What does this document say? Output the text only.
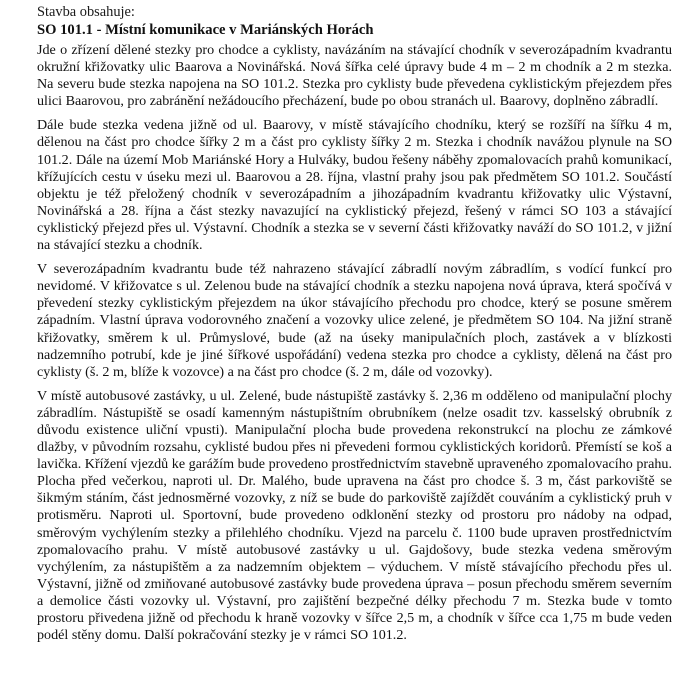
Stavba obsahuje:

SO 101.1 - Místní komunikace v Mariánských Horách

Jde o zřízení dělené stezky pro chodce a cyklisty, navázáním na stávající chodník v severozápadním kvadrantu okružní křižovatky ulic Baarova a Novinářská. Nová šířka celé úpravy bude 4 m – 2 m chodník a 2 m stezka. Na severu bude stezka napojena na SO 101.2. Stezka pro cyklisty bude převedena cyklistickým přejezdem přes ulici Baarovou, pro zabránění nežádoucího přecházení, bude po obou stranách ul. Baarovy, doplněno zábradlí.

Dále bude stezka vedena jižně od ul. Baarovy, v místě stávajícího chodníku, který se rozšíří na šířku 4 m, dělenou na část pro chodce šířky 2 m a část pro cyklisty šířky 2 m. Stezka i chodník navážou plynule na SO 101.2. Dále na území Mob Mariánské Hory a Hulváky, budou řešeny náběhy zpomalovacích prahů komunikací, křížujících cestu v úseku mezi ul. Baarovou a 28. října, vlastní prahy jsou pak předmětem SO 101.2. Součástí objektu je též přeložený chodník v severozápadním a jihozápadním kvadrantu křižovatky ulic Výstavní, Novinářská a 28. října a část stezky navazující na cyklistický přejezd, řešený v rámci SO 103 a stávající cyklistický přejezd přes ul. Výstavní. Chodník a stezka se v severní části křižovatky naváží do SO 101.2, v jižní na stávající stezku a chodník.

V severozápadním kvadrantu bude též nahrazeno stávající zábradlí novým zábradlím, s vodící funkcí pro nevidomé. V křižovatce s ul. Zelenou bude na stávající chodník a stezku napojena nová úprava, která spočívá v převedení stezky cyklistickým přejezdem na úkor stávajícího přechodu pro chodce, který se posune směrem západním. Vlastní úprava vodorovného značení a vozovky ulice zelené, je předmětem SO 104. Na jižní straně křižovatky, směrem k ul. Průmyslové, bude (až na úseky manipulačních ploch, zastávek a v blízkosti nadzemního potrubí, kde je jiné šířkové uspořádání) vedena stezka pro chodce a cyklisty, dělená na část pro cyklisty (š. 2 m, blíže k vozovce) a na část pro chodce (š. 2 m, dále od vozovky).

V místě autobusové zastávky, u ul. Zelené, bude nástupiště zastávky š. 2,36 m odděleno od manipulační plochy zábradlím. Nástupiště se osadí kamenným nástupištním obrubníkem (nelze osadit tzv. kasselský obrubník z důvodu existence uliční vpusti). Manipulační plocha bude provedena rekonstrukcí na plochu ze zámkové dlažby, v původním rozsahu, cyklisté budou přes ni převedeni formou cyklistických koridorů. Přemístí se koš a lavička. Křížení vjezdů ke garážím bude provedeno prostřednictvím stavebně upraveného zpomalovacího prahu. Plocha před večerkou, naproti ul. Dr. Malého, bude upravena na část pro chodce š. 3 m, část parkoviště se šikmým stáním, část jednosměrné vozovky, z níž se bude do parkoviště zajíždět couváním a cyklistický pruh v protisměru. Naproti ul. Sportovní, bude provedeno odklonění stezky od prostoru pro nádoby na odpad, směrovým vychýlením stezky a přilehlého chodníku. Vjezd na parcelu č. 1100 bude upraven prostřednictvím zpomalovacího prahu. V místě autobusové zastávky u ul. Gajdošovy, bude stezka vedena směrovým vychýlením, za nástupištěm a za nadzemním objektem – výduchem. V místě stávajícího přechodu přes ul. Výstavní, jižně od zmiňované autobusové zastávky bude provedena úprava – posun přechodu směrem severním a demolice části vozovky ul. Výstavní, pro zajištění bezpečné délky přechodu 7 m. Stezka bude v tomto prostoru přivedena jižně od přechodu k hraně vozovky v šířce 2,5 m, a chodník v šířce cca 1,75 m bude veden podél stěny domu. Další pokračování stezky je v rámci SO 101.2.
